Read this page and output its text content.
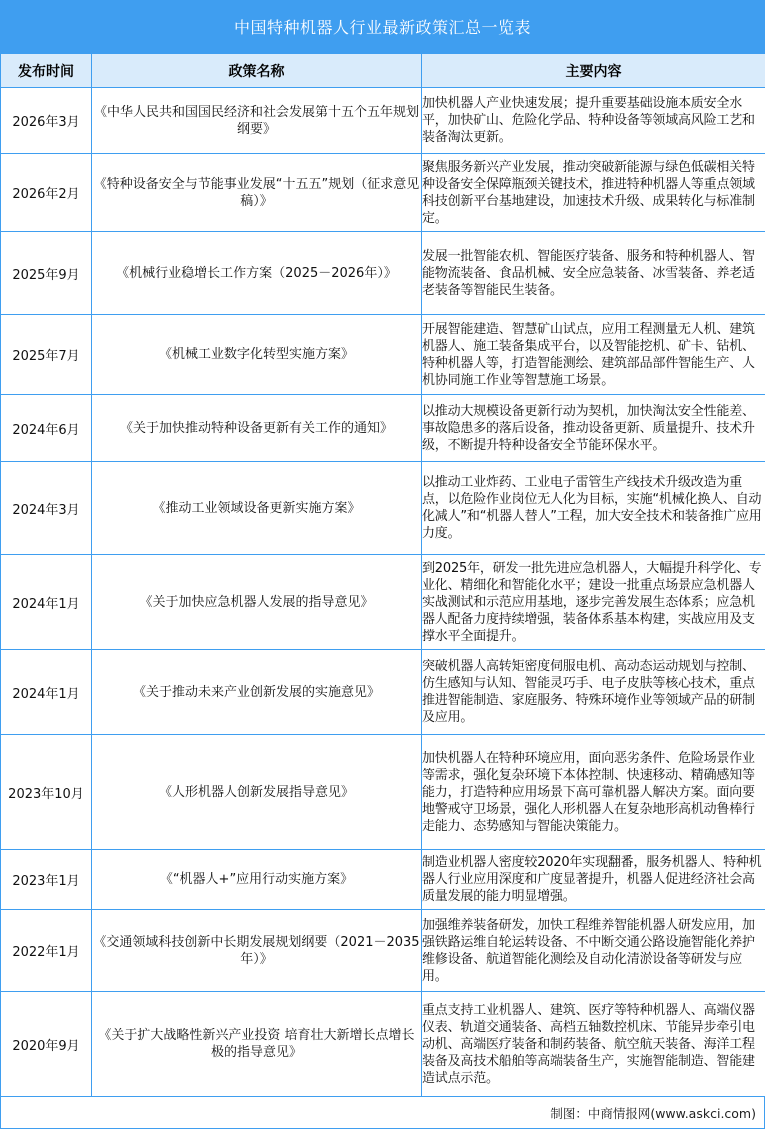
中国特种机器人行业最新政策汇总一览表
发布时间	政策名称	主要内容
2026年3月	《中华人民共和国国民经济和社会发展第十五个五年规划纲要》	加快机器人产业快速发展；提升重要基础设施本质安全水平，加快矿山、危险化学品、特种设备等领域高风险工艺和装备淘汰更新。
2026年2月	《特种设备安全与节能事业发展“十五五”规划（征求意见稿）》	聚焦服务新兴产业发展，推动突破新能源与绿色低碳相关特种设备安全保障瓶颈关键技术，推进特种机器人等重点领域科技创新平台基地建设，加速技术升级、成果转化与标准制定。
2025年9月	《机械行业稳增长工作方案（2025－2026年）》	发展一批智能农机、智能医疗装备、服务和特种机器人、智能物流装备、食品机械、安全应急装备、冰雪装备、养老适老装备等智能民生装备。
2025年7月	《机械工业数字化转型实施方案》	开展智能建造、智慧矿山试点，应用工程测量无人机、建筑机器人、施工装备集成平台，以及智能挖机、矿卡、钻机、特种机器人等，打造智能测绘、建筑部品部件智能生产、人机协同施工作业等智慧施工场景。
2024年6月	《关于加快推动特种设备更新有关工作的通知》	以推动大规模设备更新行动为契机，加快淘汰安全性能差、事故隐患多的落后设备，推动设备更新、质量提升、技术升级，不断提升特种设备安全节能环保水平。
2024年3月	《推动工业领域设备更新实施方案》	以推动工业炸药、工业电子雷管生产线技术升级改造为重点，以危险作业岗位无人化为目标，实施“机械化换人、自动化减人”和“机器人替人”工程，加大安全技术和装备推广应用力度。
2024年1月	《关于加快应急机器人发展的指导意见》	到2025年，研发一批先进应急机器人，大幅提升科学化、专业化、精细化和智能化水平；建设一批重点场景应急机器人实战测试和示范应用基地，逐步完善发展生态体系；应急机器人配备力度持续增强，装备体系基本构建，实战应用及支撑水平全面提升。
2024年1月	《关于推动未来产业创新发展的实施意见》	突破机器人高转矩密度伺服电机、高动态运动规划与控制、仿生感知与认知、智能灵巧手、电子皮肤等核心技术，重点推进智能制造、家庭服务、特殊环境作业等领域产品的研制及应用。
2023年10月	《人形机器人创新发展指导意见》	加快机器人在特种环境应用，面向恶劣条件、危险场景作业等需求，强化复杂环境下本体控制、快速移动、精确感知等能力，打造特种应用场景下高可靠机器人解决方案。面向要地警戒守卫场景，强化人形机器人在复杂地形高机动鲁棒行走能力、态势感知与智能决策能力。
2023年1月	《“机器人+”应用行动实施方案》	制造业机器人密度较2020年实现翻番，服务机器人、特种机器人行业应用深度和广度显著提升，机器人促进经济社会高质量发展的能力明显增强。
2022年1月	《交通领域科技创新中长期发展规划纲要（2021－2035年）》	加强维养装备研发，加快工程维养智能机器人研发应用，加强铁路运维自轮运转设备、不中断交通公路设施智能化养护维修设备、航道智能化测绘及自动化清淤设备等研发与应用。
2020年9月	《关于扩大战略性新兴产业投资 培育壮大新增长点增长极的指导意见》	重点支持工业机器人、建筑、医疗等特种机器人、高端仪器仪表、轨道交通装备、高档五轴数控机床、节能异步牵引电动机、高端医疗装备和制药装备、航空航天装备、海洋工程装备及高技术船舶等高端装备生产，实施智能制造、智能建造试点示范。
制图：中商情报网(www.askci.com)
